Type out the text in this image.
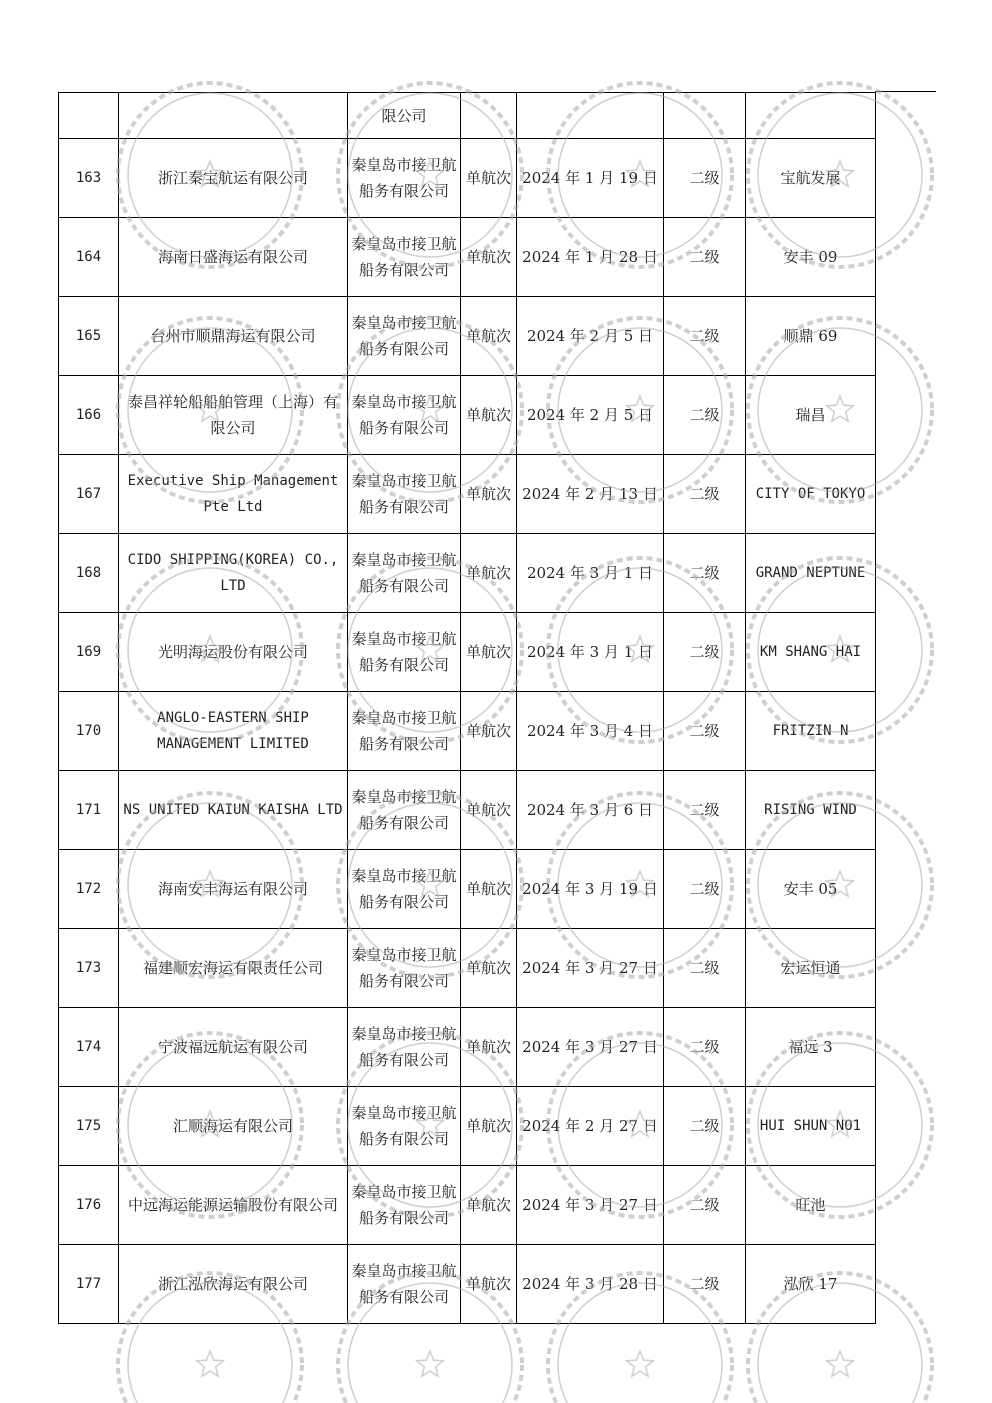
		限公司				

163	浙江秦宝航运有限公司	秦皇岛市接卫航船务有限公司	单航次	2024 年 1 月 19 日	二级	宝航发展

164	海南日盛海运有限公司	秦皇岛市接卫航船务有限公司	单航次	2024 年 1 月 28 日	二级	安丰 09

165	台州市顺鼎海运有限公司	秦皇岛市接卫航船务有限公司	单航次	2024 年 2 月 5 日	二级	顺鼎 69

166	泰昌祥轮船船舶管理（上海）有限公司	秦皇岛市接卫航船务有限公司	单航次	2024 年 2 月 5 日	二级	瑞昌

167	Executive Ship Management Pte Ltd	秦皇岛市接卫航船务有限公司	单航次	2024 年 2 月 13 日	二级	CITY OF TOKYO

168	CIDO SHIPPING(KOREA) CO., LTD	秦皇岛市接卫航船务有限公司	单航次	2024 年 3 月 1 日	二级	GRAND NEPTUNE

169	光明海运股份有限公司	秦皇岛市接卫航船务有限公司	单航次	2024 年 3 月 1 日	二级	KM SHANG HAI

170	ANGLO-EASTERN SHIP MANAGEMENT LIMITED	秦皇岛市接卫航船务有限公司	单航次	2024 年 3 月 4 日	二级	FRITZIN N

171	NS UNITED KAIUN KAISHA LTD	秦皇岛市接卫航船务有限公司	单航次	2024 年 3 月 6 日	二级	RISING WIND

172	海南安丰海运有限公司	秦皇岛市接卫航船务有限公司	单航次	2024 年 3 月 19 日	二级	安丰 05

173	福建顺宏海运有限责任公司	秦皇岛市接卫航船务有限公司	单航次	2024 年 3 月 27 日	二级	宏运恒通

174	宁波福远航运有限公司	秦皇岛市接卫航船务有限公司	单航次	2024 年 3 月 27 日	二级	福远 3

175	汇顺海运有限公司	秦皇岛市接卫航船务有限公司	单航次	2024 年 2 月 27 日	二级	HUI SHUN NO1

176	中远海运能源运输股份有限公司	秦皇岛市接卫航船务有限公司	单航次	2024 年 3 月 27 日	二级	旺池

177	浙江泓欣海运有限公司	秦皇岛市接卫航船务有限公司	单航次	2024 年 3 月 28 日	二级	泓欣 17
